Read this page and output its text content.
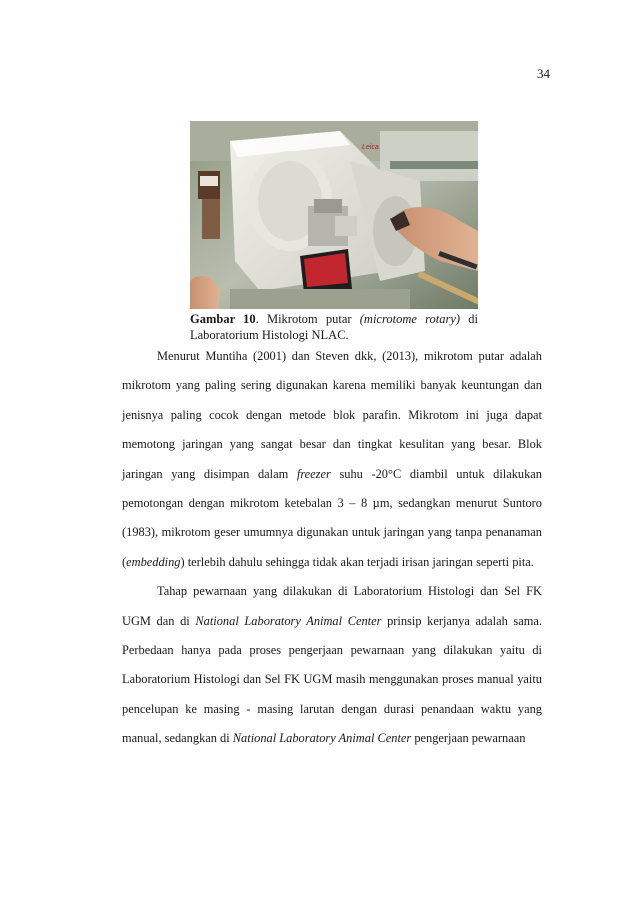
34
Leica
Gambar 10. Mikrotom putar (microtome rotary) di Laboratorium Histologi NLAC.

Menurut Muntiha (2001) dan Steven dkk, (2013), mikrotom putar adalah mikrotom yang paling sering digunakan karena memiliki banyak keuntungan dan jenisnya paling cocok dengan metode blok parafin. Mikrotom ini juga dapat memotong jaringan yang sangat besar dan tingkat kesulitan yang besar. Blok jaringan yang disimpan dalam freezer suhu -20°C diambil untuk dilakukan pemotongan dengan mikrotom ketebalan 3 – 8 µm, sedangkan menurut Suntoro (1983), mikrotom geser umumnya digunakan untuk jaringan yang tanpa penanaman (embedding) terlebih dahulu sehingga tidak akan terjadi irisan jaringan seperti pita.

Tahap pewarnaan yang dilakukan di Laboratorium Histologi dan Sel FK UGM dan di National Laboratory Animal Center prinsip kerjanya adalah sama. Perbedaan hanya pada proses pengerjaan pewarnaan yang dilakukan yaitu di Laboratorium Histologi dan Sel FK UGM masih menggunakan proses manual yaitu pencelupan ke masing - masing larutan dengan durasi penandaan waktu yang manual, sedangkan di National Laboratory Animal Center pengerjaan pewarnaan
